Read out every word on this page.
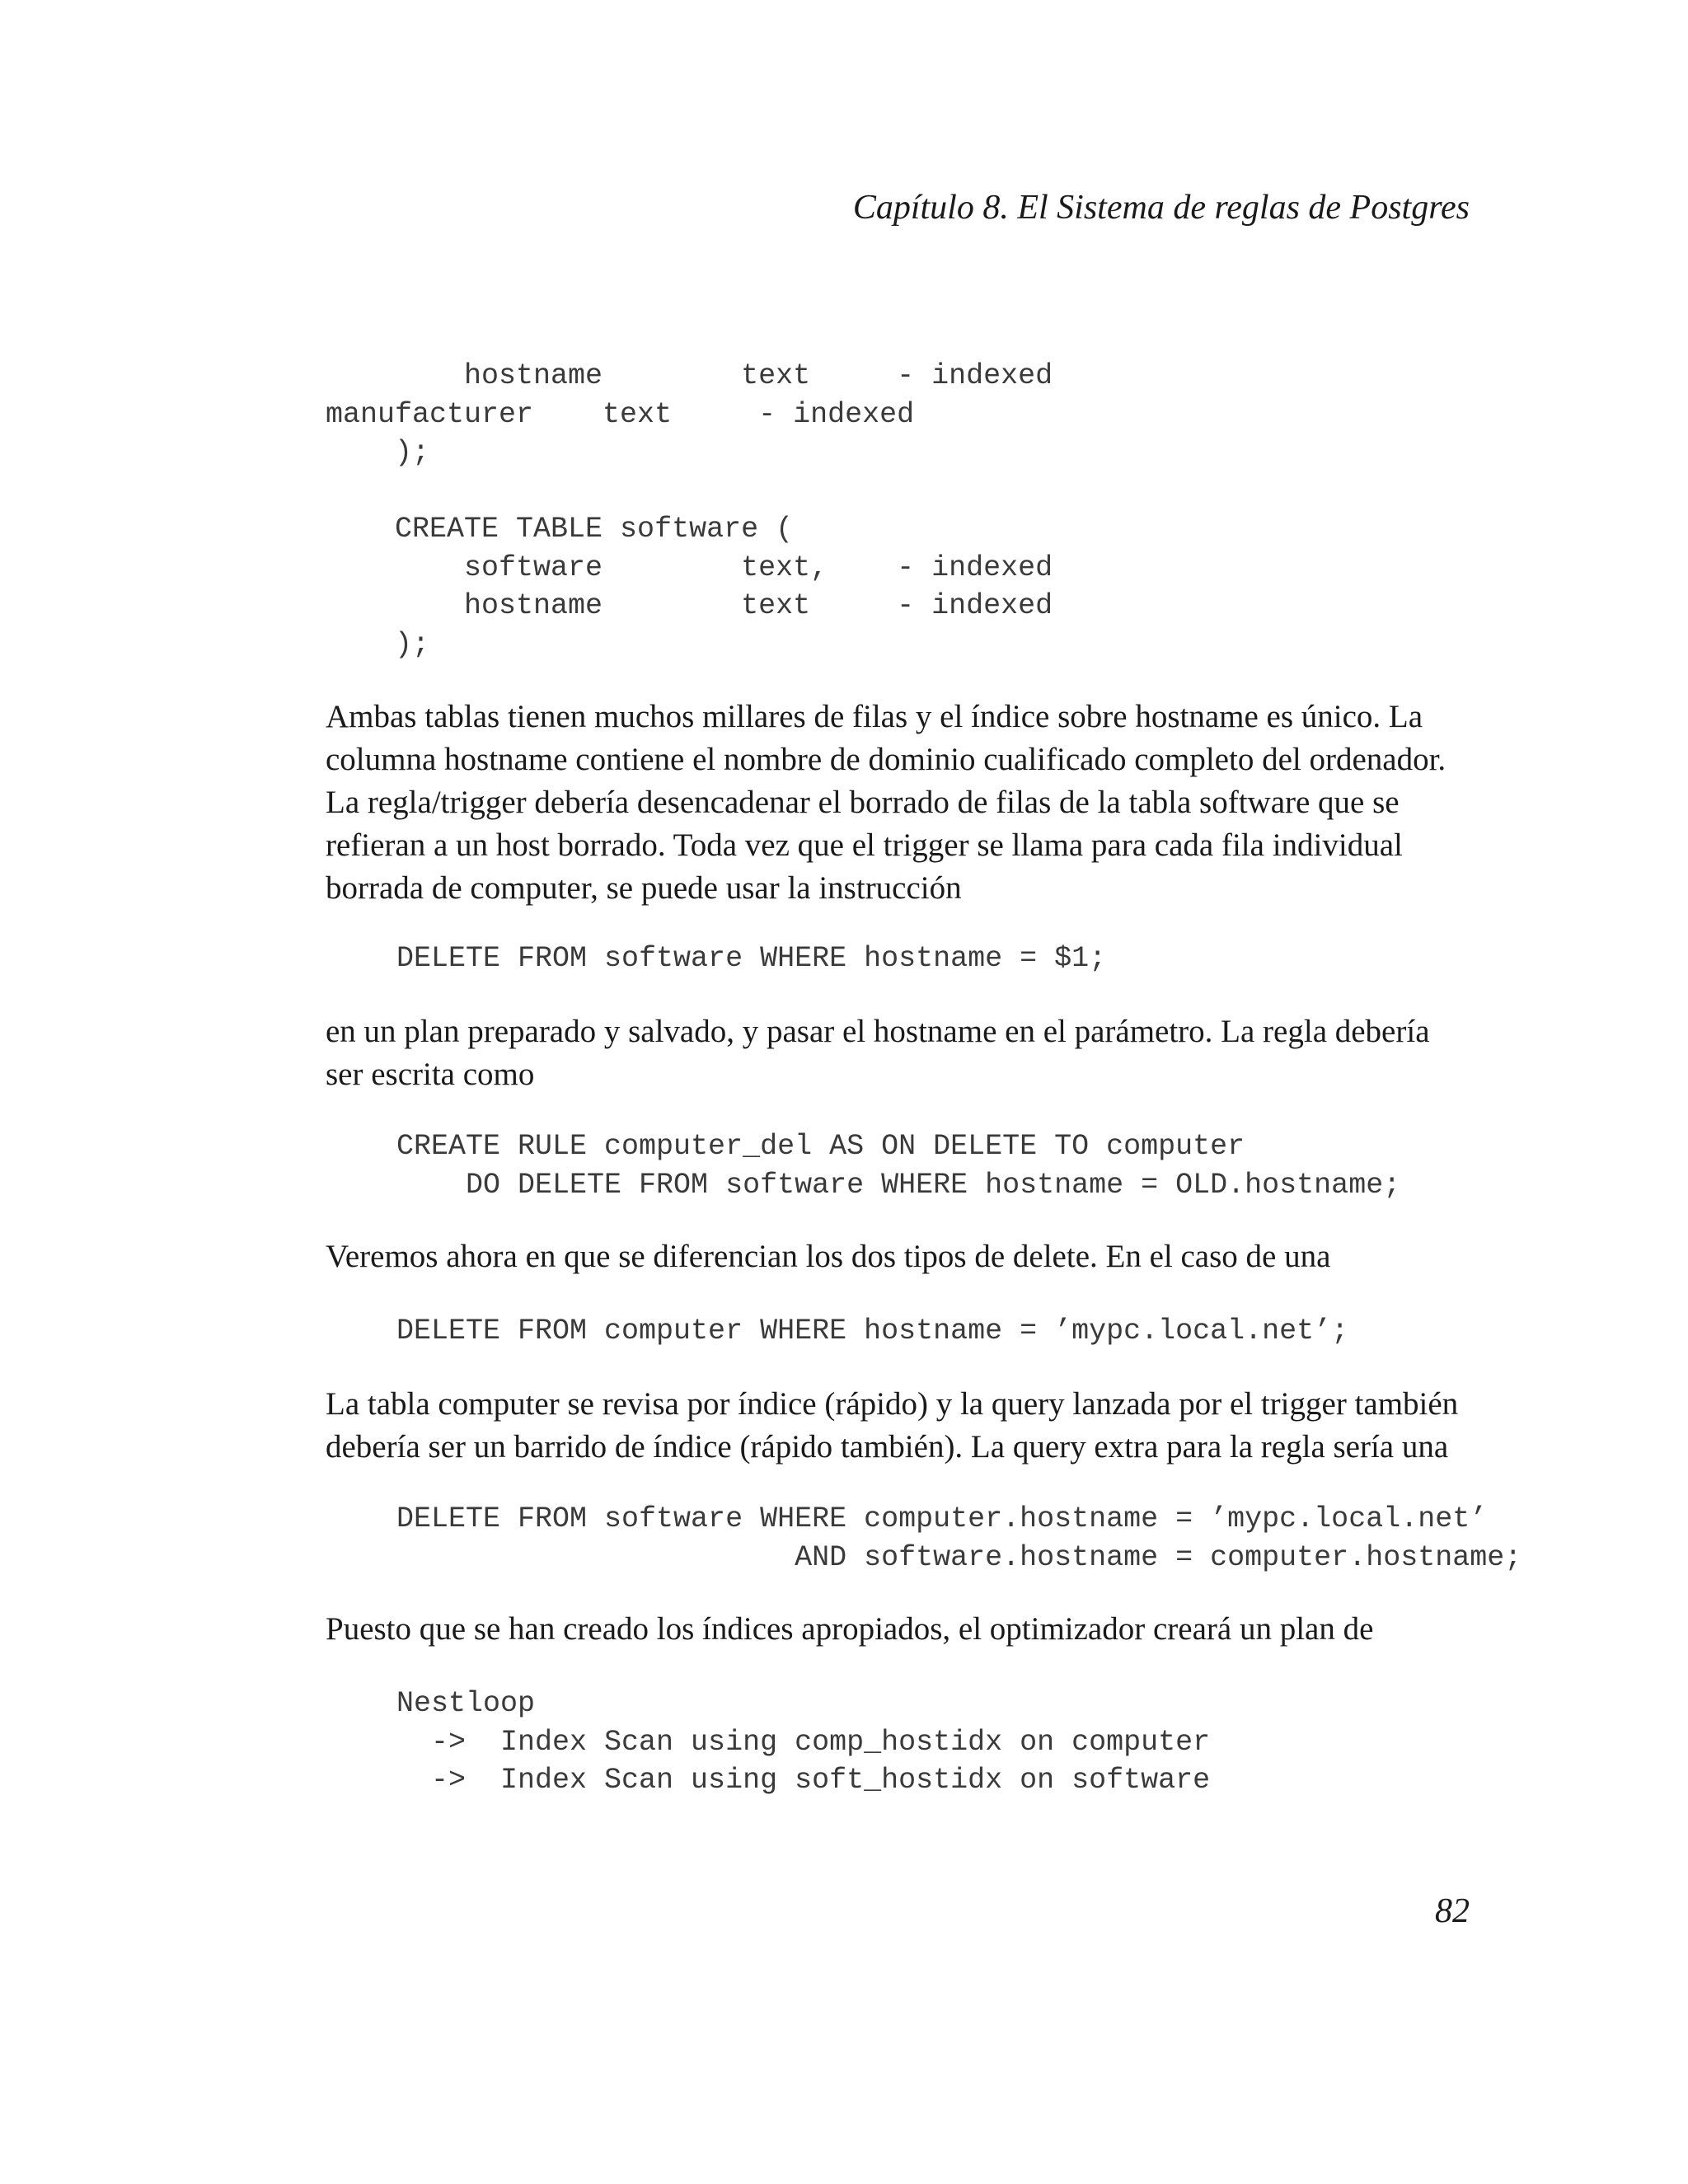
Capítulo 8. El Sistema de reglas de Postgres
hostname        text     - indexed
manufacturer    text     - indexed
);

CREATE TABLE software (
software        text,    - indexed
hostname        text     - indexed
);
Ambas tablas tienen muchos millares de filas y el índice sobre hostname es único. La
columna hostname contiene el nombre de dominio cualificado completo del ordenador.
La regla/trigger debería desencadenar el borrado de filas de la tabla software que se
refieran a un host borrado. Toda vez que el trigger se llama para cada fila individual
borrada de computer, se puede usar la instrucción
DELETE FROM software WHERE hostname = $1;
en un plan preparado y salvado, y pasar el hostname en el parámetro. La regla debería
ser escrita como
CREATE RULE computer_del AS ON DELETE TO computer
DO DELETE FROM software WHERE hostname = OLD.hostname;
Veremos ahora en que se diferencian los dos tipos de delete. En el caso de una
DELETE FROM computer WHERE hostname = ’mypc.local.net’;
La tabla computer se revisa por índice (rápido) y la query lanzada por el trigger también
debería ser un barrido de índice (rápido también). La query extra para la regla sería una
DELETE FROM software WHERE computer.hostname = ’mypc.local.net’
AND software.hostname = computer.hostname;
Puesto que se han creado los índices apropiados, el optimizador creará un plan de
Nestloop
->  Index Scan using comp_hostidx on computer
->  Index Scan using soft_hostidx on software
82
